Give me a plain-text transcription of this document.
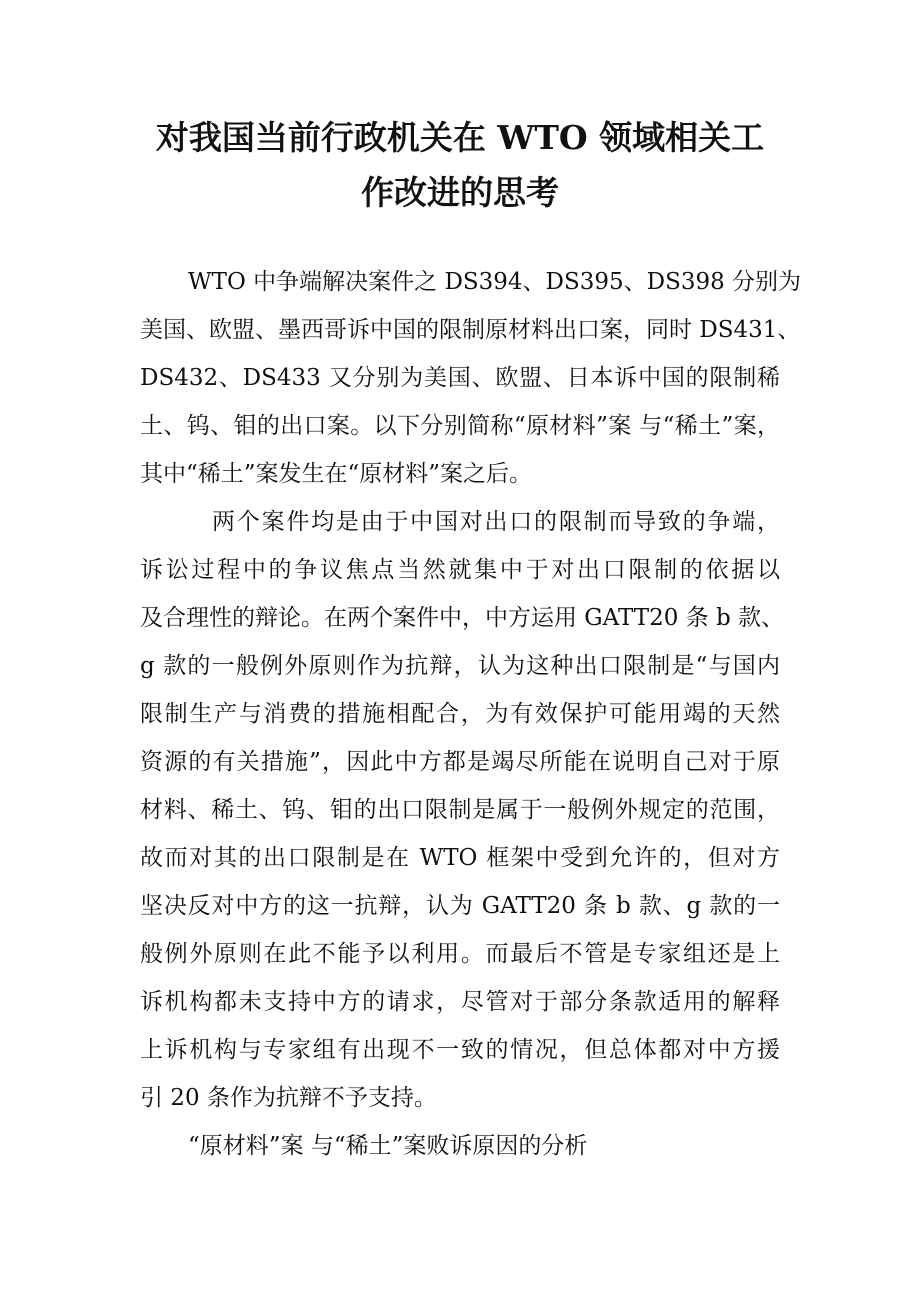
对我国当前行政机关在 WTO 领域相关工
作改进的思考
WTO 中争端解决案件之 DS394、DS395、DS398 分别为
美国、欧盟、墨西哥诉中国的限制原材料出口案，同时 DS431、
DS432、DS433 又分别为美国、欧盟、日本诉中国的限制稀
土、钨、钼的出口案。以下分别简称“原材料”案 与“稀土”案，
其中“稀土”案发生在“原材料”案之后。
两个案件均是由于中国对出口的限制而导致的争端，
诉讼过程中的争议焦点当然就集中于对出口限制的依据以
及合理性的辩论。在两个案件中，中方运用 GATT20 条 b 款、
g 款的一般例外原则作为抗辩，认为这种出口限制是“与国内
限制生产与消费的措施相配合，为有效保护可能用竭的天然
资源的有关措施”，因此中方都是竭尽所能在说明自己对于原
材料、稀土、钨、钼的出口限制是属于一般例外规定的范围，
故而对其的出口限制是在 WTO 框架中受到允许的，但对方
坚决反对中方的这一抗辩，认为 GATT20 条 b 款、g 款的一
般例外原则在此不能予以利用。而最后不管是专家组还是上
诉机构都未支持中方的请求，尽管对于部分条款适用的解释
上诉机构与专家组有出现不一致的情况，但总体都对中方援
引 20 条作为抗辩不予支持。
“原材料”案 与“稀土”案败诉原因的分析
